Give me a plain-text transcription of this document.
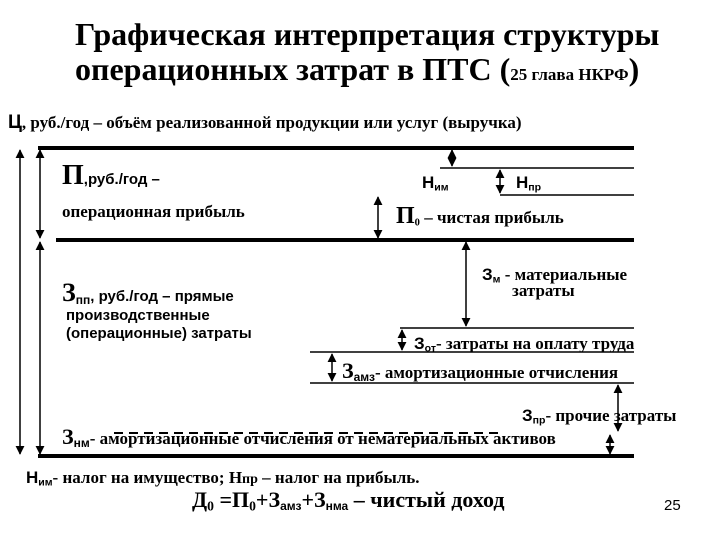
Графическая интерпретация структуры
операционных затрат в ПТС (25 глава НКРФ)
Ц, руб./год – объём реализованной продукции или услуг (выручка)
П,руб./год –
операционная прибыль
$Н_{им}$	$Н_{пр}$
$П_0$ – чистая прибыль
$З_{пп}$, руб./год – прямые
производственные
(операционные) затраты
$З_м$ - материальные
затраты
$З_{от}-$ затраты на оплату труда
$З_{амз}-$ амортизационные отчисления
$З_{пр}-$ прочие затраты
$З_{нм}-$ амортизационные отчисления от нематериальных активов
$Н_{им}-$ налог на имущество; Нпр – налог на прибыль.
$Д_0 =П_0+З_{амз}+З_{нма}$ – чистый доход	25
